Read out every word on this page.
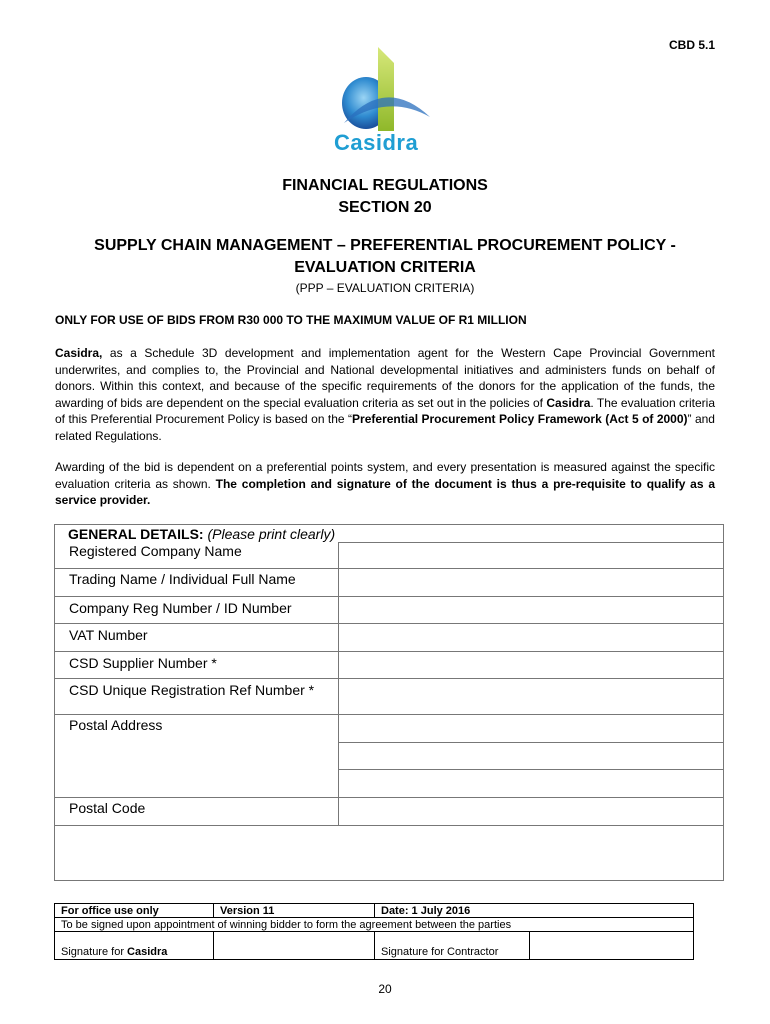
CBD 5.1
Casidra
FINANCIAL REGULATIONS
SECTION 20
SUPPLY CHAIN MANAGEMENT – PREFERENTIAL PROCUREMENT POLICY -
EVALUATION CRITERIA
(PPP – EVALUATION CRITERIA)
ONLY FOR USE OF BIDS FROM R30 000 TO THE MAXIMUM VALUE OF R1 MILLION
Casidra, as a Schedule 3D development and implementation agent for the Western Cape Provincial Government underwrites, and complies to, the Provincial and National developmental initiatives and administers funds on behalf of donors. Within this context, and because of the specific requirements of the donors for the application of the funds, the awarding of bids are dependent on the special evaluation criteria as set out in the policies of Casidra. The evaluation criteria of this Preferential Procurement Policy is based on the “Preferential Procurement Policy Framework (Act 5 of 2000)” and related Regulations.
Awarding of the bid is dependent on a preferential points system, and every presentation is measured against the specific evaluation criteria as shown. The completion and signature of the document is thus a pre-requisite to qualify as a service provider.

Registered Company Name	
Trading Name / Individual Full Name	
Company Reg Number / ID Number	
VAT Number	
CSD Supplier Number *	
CSD Unique Registration Ref Number *	
Postal Address	

Postal Code	

GENERAL DETAILS: (Please print clearly)
For office use only	Version 11	Date: 1 July 2016	
To be signed upon appointment of winning bidder to form the agreement between the parties			
Signature for Casidra		Signature for Contractor	
20
